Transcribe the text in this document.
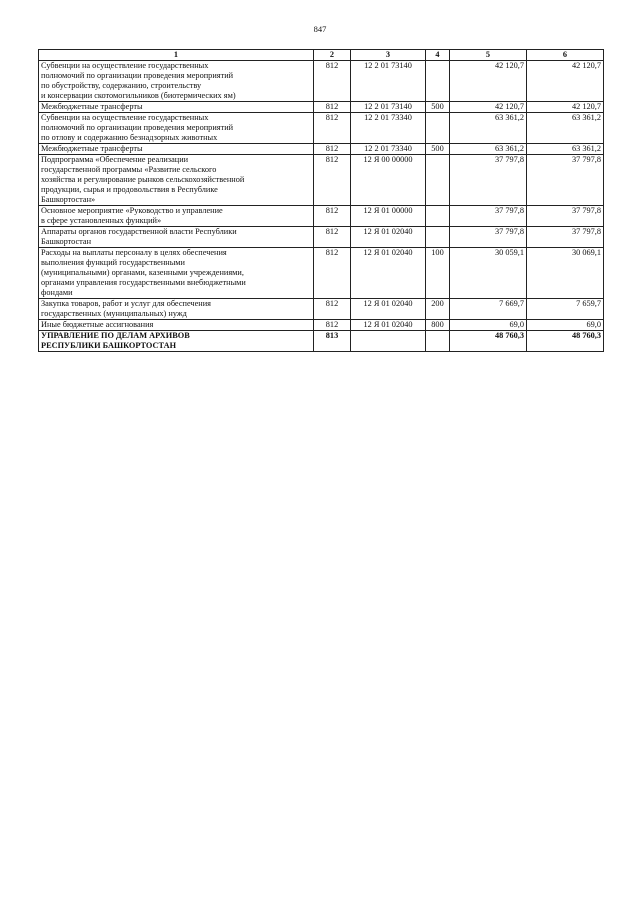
847
1	2	3	4	5	6

Субвенции на осуществление государственных
полномочий по организации проведения мероприятий
по обустройству, содержанию, строительству
и консервации скотомогильников (биотермических ям)	812	12 2 01 73140		42 120,7	42 120,7

Межбюджетные трансферты	812	12 2 01 73140	500	42 120,7	42 120,7

Субвенции на осуществление государственных
полномочий по организации проведения мероприятий
по отлову и содержанию безнадзорных животных	812	12 2 01 73340		63 361,2	63 361,2

Межбюджетные трансферты	812	12 2 01 73340	500	63 361,2	63 361,2

Подпрограмма «Обеспечение реализации
государственной программы «Развитие сельского
хозяйства и регулирование рынков сельскохозяйственной
продукции, сырья и продовольствия в Республике
Башкортостан»	812	12 Я 00 00000		37 797,8	37 797,8

Основное мероприятие «Руководство и управление
в сфере установленных функций»	812	12 Я 01 00000		37 797,8	37 797,8

Аппараты органов государственной власти Республики
Башкортостан	812	12 Я 01 02040		37 797,8	37 797,8

Расходы на выплаты персоналу в целях обеспечения
выполнения функций государственными
(муниципальными) органами, казенными учреждениями,
органами управления государственными внебюджетными
фондами	812	12 Я 01 02040	100	30 059,1	30 069,1

Закупка товаров, работ и услуг для обеспечения
государственных (муниципальных) нужд	812	12 Я 01 02040	200	7 669,7	7 659,7

Иные бюджетные ассигнования	812	12 Я 01 02040	800	69,0	69,0

УПРАВЛЕНИЕ ПО ДЕЛАМ АРХИВОВ
РЕСПУБЛИКИ БАШКОРТОСТАН	813			48 760,3	48 760,3
